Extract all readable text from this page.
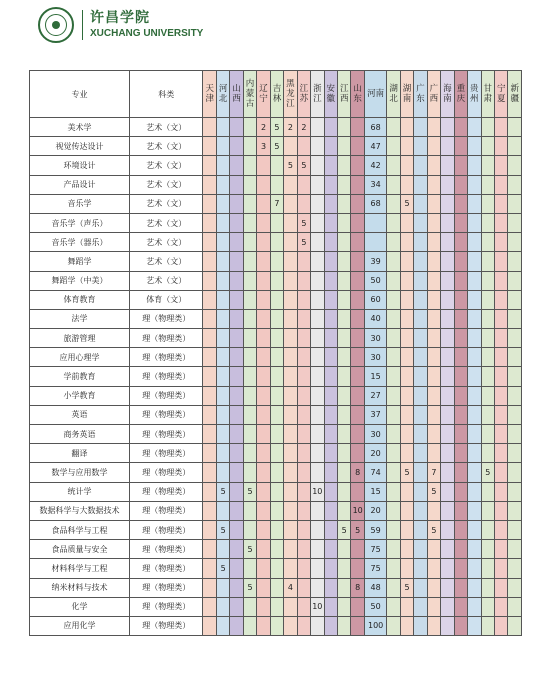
许昌学院
XUCHANG UNIVERSITY
专业	科类	天津	河北	山西	内蒙古	辽宁	吉林	黑龙江	江苏	浙江	安徽	江西	山东	河南	湖北	湖南	广东	广西	海南	重庆	贵州	甘肃	宁夏	新疆
美术学	艺术（文）					2	5	2	2					68										
视觉传达设计	艺术（文）					3	5							47										
环境设计	艺术（文）							5	5					42										
产品设计	艺术（文）													34										
音乐学	艺术（文）						7							68		5								
音乐学（声乐）	艺术（文）								5															
音乐学（器乐）	艺术（文）								5															
舞蹈学	艺术（文）													39										
舞蹈学（中美）	艺术（文）													50										
体育教育	体育（文）													60										
法学	理（物理类）													40										
旅游管理	理（物理类）													30										
应用心理学	理（物理类）													30										
学前教育	理（物理类）													15										
小学教育	理（物理类）													27										
英语	理（物理类）													37										
商务英语	理（物理类）													30										
翻译	理（物理类）													20										
数学与应用数学	理（物理类）												8	74		5		7				5		
统计学	理（物理类）		5		5					10				15				5						
数据科学与大数据技术	理（物理类）												10	20										
食品科学与工程	理（物理类）		5									5	5	59				5						
食品质量与安全	理（物理类）				5									75										
材料科学与工程	理（物理类）		5											75										
纳米材料与技术	理（物理类）				5			4					8	48		5								
化学	理（物理类）									10				50										
应用化学	理（物理类）													100										
